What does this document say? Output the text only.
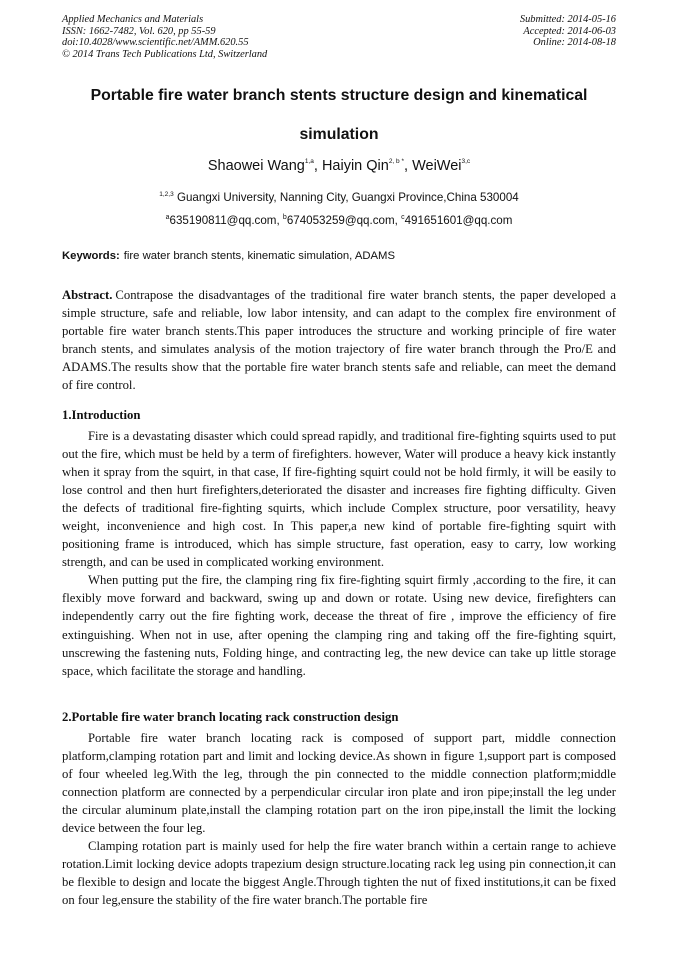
Applied Mechanics and Materials
ISSN: 1662-7482, Vol. 620, pp 55-59
doi:10.4028/www.scientific.net/AMM.620.55
© 2014 Trans Tech Publications Ltd, Switzerland
Submitted: 2014-05-16
Accepted: 2014-06-03
Online: 2014-08-18
Portable fire water branch stents structure design and kinematical
simulation
Shaowei Wang$^{1,a}$, Haiyin Qin$^{2, b *}$, WeiWei$^{3,c}$
$^{1,2,3}$ Guangxi University, Nanning City, Guangxi Province,China 530004
$^a$635190811@qq.com, $^b$674053259@qq.com, $^c$491651601@qq.com
Keywords: fire water branch stents, kinematic simulation, ADAMS
Abstract. Contrapose the disadvantages of the traditional fire water branch stents, the paper developed a simple structure, safe and reliable, low labor intensity, and can adapt to the complex fire environment of portable fire water branch stents.This paper introduces the structure and working principle of fire water branch stents, and simulates analysis of the motion trajectory of fire water branch through the Pro/E and ADAMS.The results show that the portable fire water branch stents safe and reliable, can meet the demand of fire control.
1.Introduction

Fire is a devastating disaster which could spread rapidly, and traditional fire-fighting squirts used to put out the fire, which must be held by a term of firefighters. however, Water will produce a heavy kick instantly when it spray from the squirt, in that case, If fire-fighting squirt could not be hold firmly, it will be easily to lose control and then hurt firefighters,deteriorated the disaster and increases fire fighting difficulty. Given the defects of traditional fire-fighting squirts, which include Complex structure, poor versatility, heavy weight, inconvenience and high cost. In This paper,a new kind of portable fire-fighting squirt with positioning frame is introduced, which has simple structure, fast operation, easy to carry, low working strength, and can be used in complicated working environment.

When putting put the fire, the clamping ring fix fire-fighting squirt firmly ,according to the fire, it can flexibly move forward and backward, swing up and down or rotate. Using new device, firefighters can independently carry out the fire fighting work, decease the threat of fire , improve the efficiency of fire extinguishing. When not in use, after opening the clamping ring and taking off the fire-fighting squirt, unscrewing the fastening nuts, Folding hinge, and contracting leg, the new device can take up little storage space, which facilitate the storage and handling.

2.Portable fire water branch locating rack construction design

Portable fire water branch locating rack is composed of support part, middle connection platform,clamping rotation part and limit and locking device.As shown in figure 1,support part is composed of four wheeled leg.With the leg, through the pin connected to the middle connection platform;middle connection platform are connected by a perpendicular circular iron plate and iron pipe;install the leg under the circular aluminum plate,install the clamping rotation part on the iron pipe,install the limit the locking device between the four leg.

Clamping rotation part is mainly used for help the fire water branch within a certain range to achieve rotation.Limit locking device adopts trapezium design structure.locating rack leg using pin connection,it can be flexible to design and locate the biggest Angle.Through tighten the nut of fixed institutions,it can be fixed on four leg,ensure the stability of the fire water branch.The portable fire
